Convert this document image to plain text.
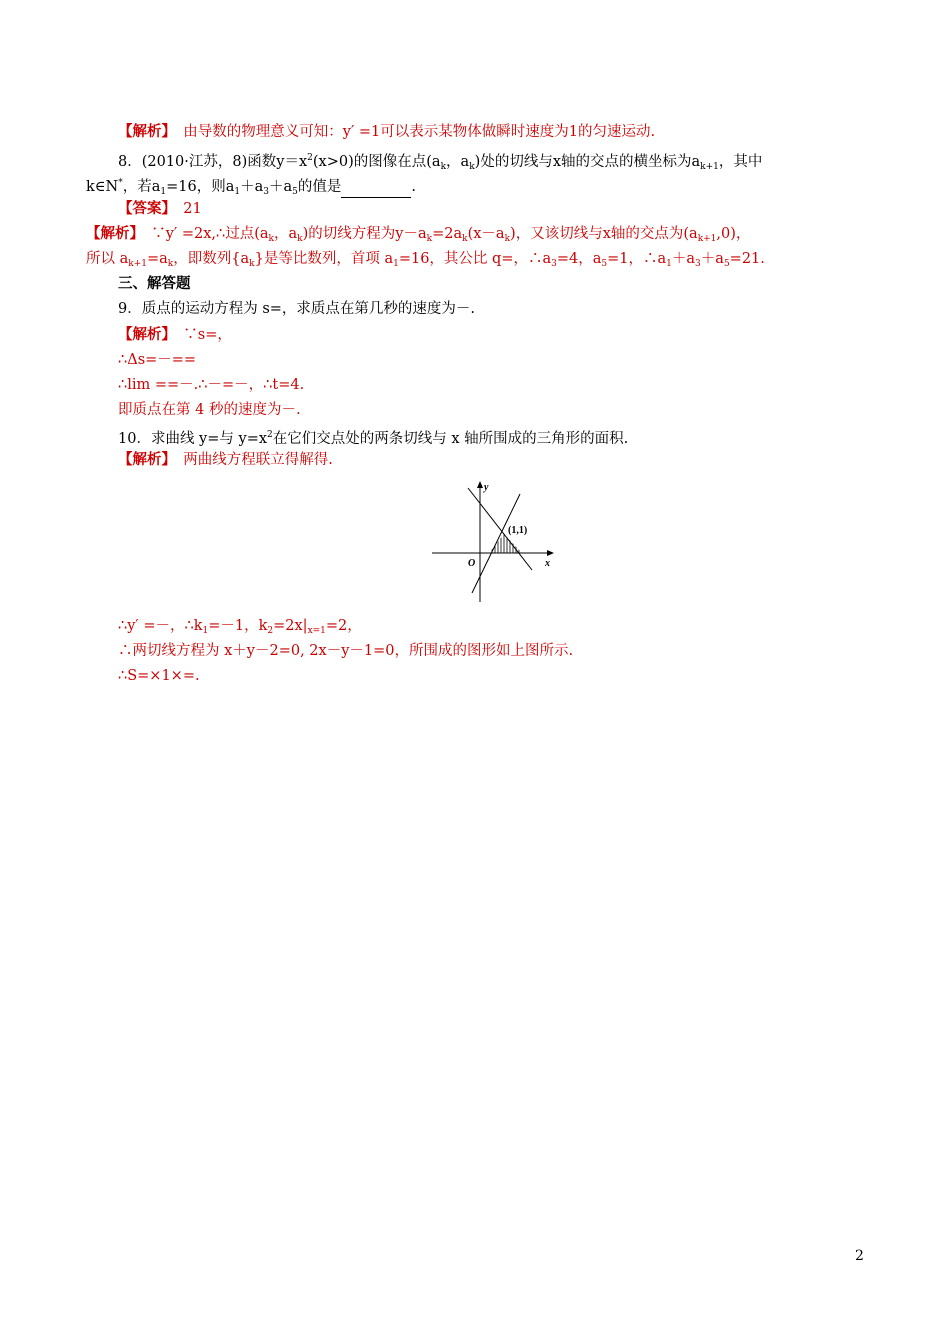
【解析】　由导数的物理意义可知：y′ =1可以表示某物体做瞬时速度为1的匀速运动.
8．(2010·江苏，8)函数$y=x^2(x>0)$的图像在点($a_k$，$a_k$)处的切线与x轴的交点的横坐标为$a_{k+1}$，其中
k∈N*，若$a_1=16$，则$a_1+a_3+a_5$的值是	.
【答案】　21
【解析】　∵y′ =2x,∴过点($a_k$，$a_k$)的切线方程为$y-a_k=2a_k(x-a_k)$，又该切线与x轴的交点为$(a_{k+1},0)$，
所以 $a_{k+1}=a_k$，即数列$\{a_k\}$是等比数列，首项 $a_1=16$，其公比 q=，$\therefore a_3=4$，$a_5=1$，$\therefore a_1+a_3+a_5=21$.
三、解答题
9．质点的运动方程为 s=，求质点在第几秒的速度为－.
【解析】　∵s=，
∴Δs=－==
∴lim ==－.∴－=－，∴t=4.
即质点在第 4 秒的速度为－.
10．求曲线 y=与 $y=x^2$在它们交点处的两条切线与 x 轴所围成的三角形的面积.
【解析】　两曲线方程联立得解得.
y
x
O
(1,1)
∴y′ =－，$\therefore k_1=-1$，$k_2=2x|_{x=1}=2$，
∴两切线方程为 x＋y－2=0, 2x－y－1=0，所围成的图形如上图所示.
∴S=×1×=.
2
